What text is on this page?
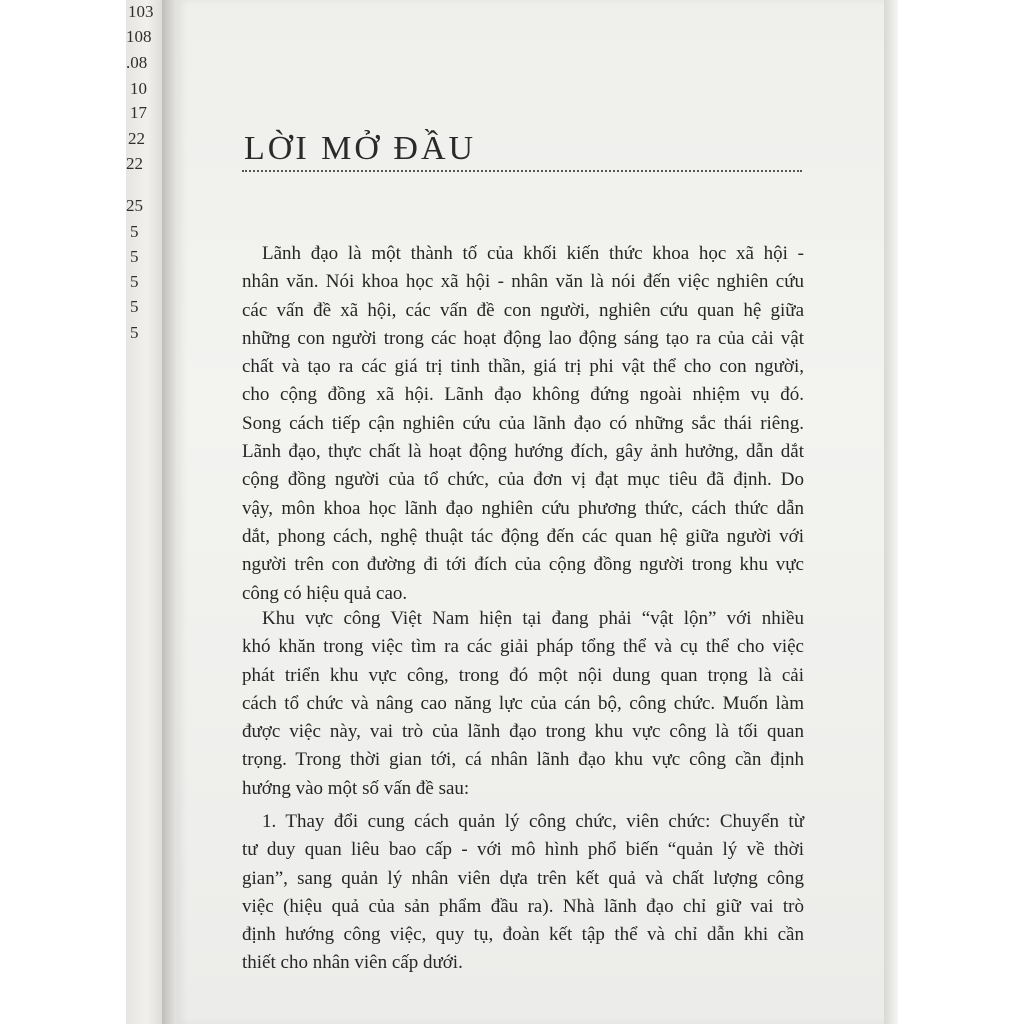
103
108
.08
10
17
22
22
25
5
5
5
5
5
LỜI MỞ ĐẦU

Lãnh đạo là một thành tố của khối kiến thức khoa học xã hội -
nhân văn. Nói khoa học xã hội - nhân văn là nói đến việc nghiên cứu
các vấn đề xã hội, các vấn đề con người, nghiên cứu quan hệ giữa
những con người trong các hoạt động lao động sáng tạo ra của cải vật
chất và tạo ra các giá trị tinh thần, giá trị phi vật thể cho con người,
cho cộng đồng xã hội. Lãnh đạo không đứng ngoài nhiệm vụ đó.
Song cách tiếp cận nghiên cứu của lãnh đạo có những sắc thái riêng.
Lãnh đạo, thực chất là hoạt động hướng đích, gây ảnh hưởng, dẫn dắt
cộng đồng người của tổ chức, của đơn vị đạt mục tiêu đã định. Do
vậy, môn khoa học lãnh đạo nghiên cứu phương thức, cách thức dẫn
dắt, phong cách, nghệ thuật tác động đến các quan hệ giữa người với
người trên con đường đi tới đích của cộng đồng người trong khu vực
công có hiệu quả cao.

Khu vực công Việt Nam hiện tại đang phải “vật lộn” với nhiều
khó khăn trong việc tìm ra các giải pháp tổng thể và cụ thể cho việc
phát triển khu vực công, trong đó một nội dung quan trọng là cải
cách tổ chức và nâng cao năng lực của cán bộ, công chức. Muốn làm
được việc này, vai trò của lãnh đạo trong khu vực công là tối quan
trọng. Trong thời gian tới, cá nhân lãnh đạo khu vực công cần định
hướng vào một số vấn đề sau:

1. Thay đổi cung cách quản lý công chức, viên chức: Chuyển từ
tư duy quan liêu bao cấp - với mô hình phổ biến “quản lý về thời
gian”, sang quản lý nhân viên dựa trên kết quả và chất lượng công
việc (hiệu quả của sản phẩm đầu ra). Nhà lãnh đạo chỉ giữ vai trò
định hướng công việc, quy tụ, đoàn kết tập thể và chỉ dẫn khi cần
thiết cho nhân viên cấp dưới.
